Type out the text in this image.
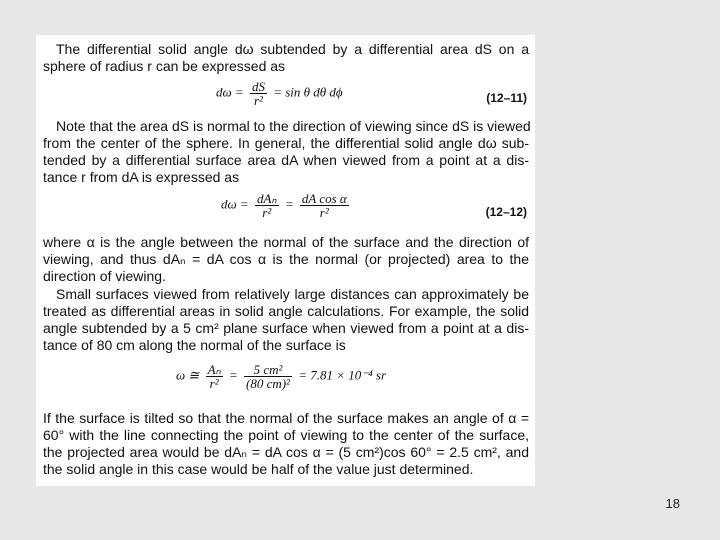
The differential solid angle dω subtended by a differential area dS on a
sphere of radius r can be expressed as
$d\omega = \frac{dS}{\text{r²}} = \sin \theta$ dθ dϕ	(12–11)
Note that the area dS is normal to the direction of viewing since dS is viewed
from the center of the sphere. In general, the differential solid angle dω sub-
tended by a differential surface area dA when viewed from a point at a dis-
tance r from dA is expressed as
$d\omega = \frac{\text{dAₙ}}{\text{r²}} = \frac{\text{dA cos α}}{\text{r²}}$	(12–12)
where α is the angle between the normal of the surface and the direction of
viewing, and thus dAₙ = dA cos α is the normal (or projected) area to the
direction of viewing.
Small surfaces viewed from relatively large distances can approximately be
treated as differential areas in solid angle calculations. For example, the solid
angle subtended by a 5 cm² plane surface when viewed from a point at a dis-
tance of 80 cm along the normal of the surface is
ω ≅ $\frac{\text{Aₙ}}{\text{r²}} = \frac{\text{5 cm²}}{\text{(80 cm)²}} = 7.81 \times 10^{-4}$ sr
If the surface is tilted so that the normal of the surface makes an angle of α =
60° with the line connecting the point of viewing to the center of the surface,
the projected area would be dAₙ = dA cos α = (5 cm²)cos 60° = 2.5 cm², and
the solid angle in this case would be half of the value just determined.
18
